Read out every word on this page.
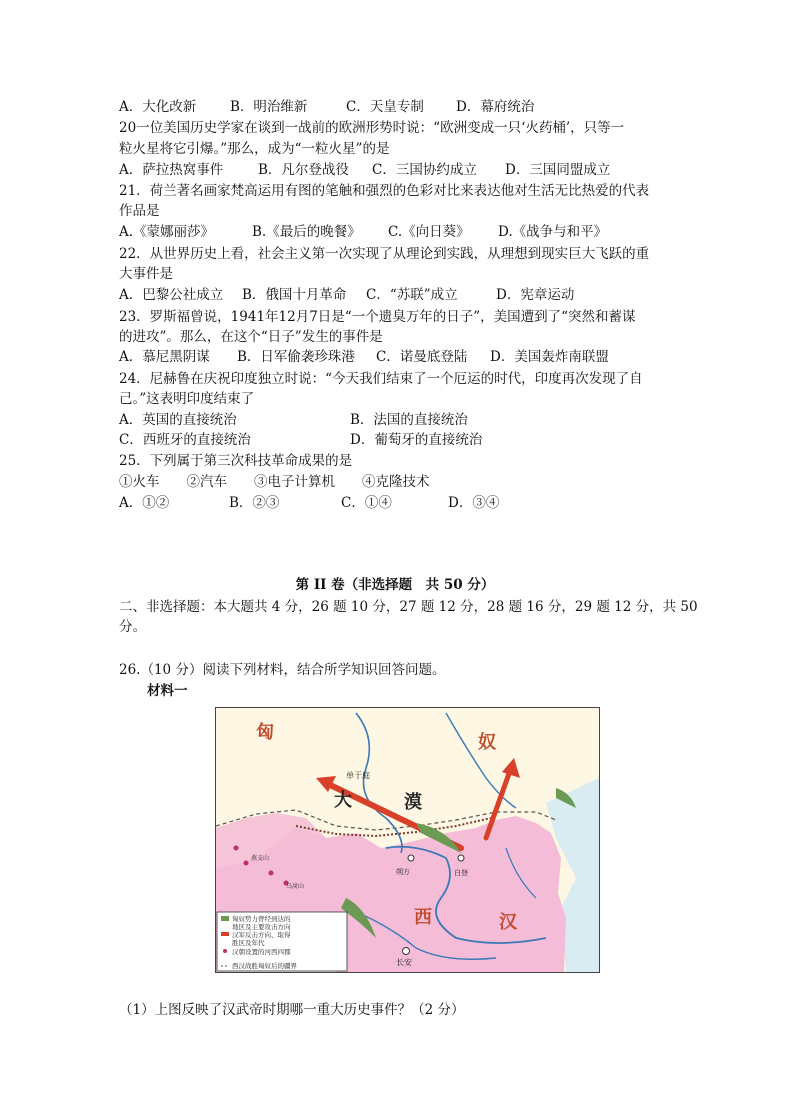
A．大化改新	B．明治维新	C．天皇专制 D．幕府统治
20一位美国历史学家在谈到一战前的欧洲形势时说：“欧洲变成一只‘火药桶’，只等一
粒火星将它引爆。”那么，成为“一粒火星”的是
A．萨拉热窝事件	B．凡尔登战役 C．三国协约成立 D．三国同盟成立
21．荷兰著名画家梵高运用有图的笔触和强烈的色彩对比来表达他对生活无比热爱的代表
作品是
A.《蒙娜丽莎》	B.《最后的晚餐》 C.《向日葵》 D.《战争与和平》
22．从世界历史上看，社会主义第一次实现了从理论到实践，从理想到现实巨大飞跃的重
大事件是
A．巴黎公社成立 B．俄国十月革命 C．“苏联”成立	D．宪章运动
23．罗斯福曾说，1941年12月7日是“一个遗臭万年的日子”，美国遭到了“突然和蓄谋
的进攻”。那么，在这个“日子”发生的事件是
A．慕尼黑阴谋 B．日军偷袭珍珠港 C．诺曼底登陆 D．美国轰炸南联盟
24．尼赫鲁在庆祝印度独立时说：“今天我们结束了一个厄运的时代，印度再次发现了自
己。”这表明印度结束了
A．英国的直接统治	B．法国的直接统治
C．西班牙的直接统治	D．葡萄牙的直接统治
25．下列属于第三次科技革命成果的是
①火车　　②汽车　　③电子计算机　　④克隆技术
A．①②	B．②③	C．①④	D．③④
第 II 卷（非选择题　共 50 分）
二、非选择题：本大题共 4 分，26 题 10 分，27 题 12 分，28 题 16 分，29 题 12 分，共 50
分。
26.（10 分）阅读下列材料，结合所学知识回答问题。
材料一
匈	奴
大	漠
西	汉
单于庭
朔方	白登
长安
燕支山
乌戾山
匈奴势力曾经到达的
地区及主要攻击方向
汉军反击方向、取得
胜区及年代
汉朝设置的河西四郡
西汉战胜匈奴后的疆界
（1）上图反映了汉武帝时期哪一重大历史事件？（2 分）
